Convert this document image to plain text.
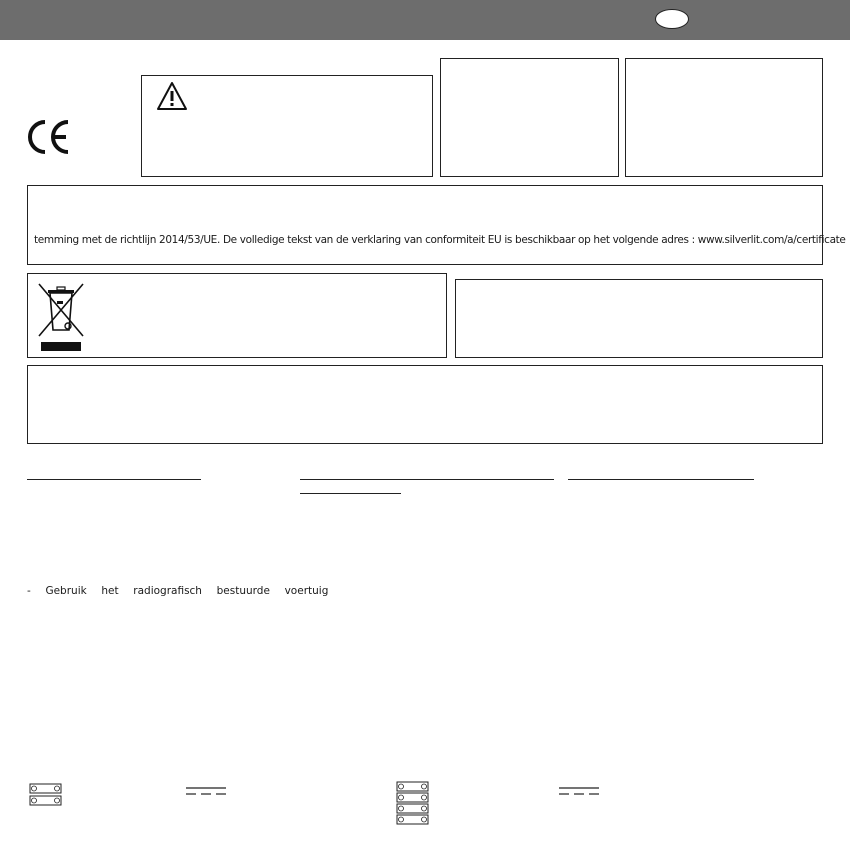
temming met de richtlijn 2014/53/UE. De volledige tekst van de verklaring van conformiteit EU is beschikbaar op het volgende adres : www.silverlit.com/a/certificate
-  Gebruik  het  radiografisch  bestuurde  voertuig
